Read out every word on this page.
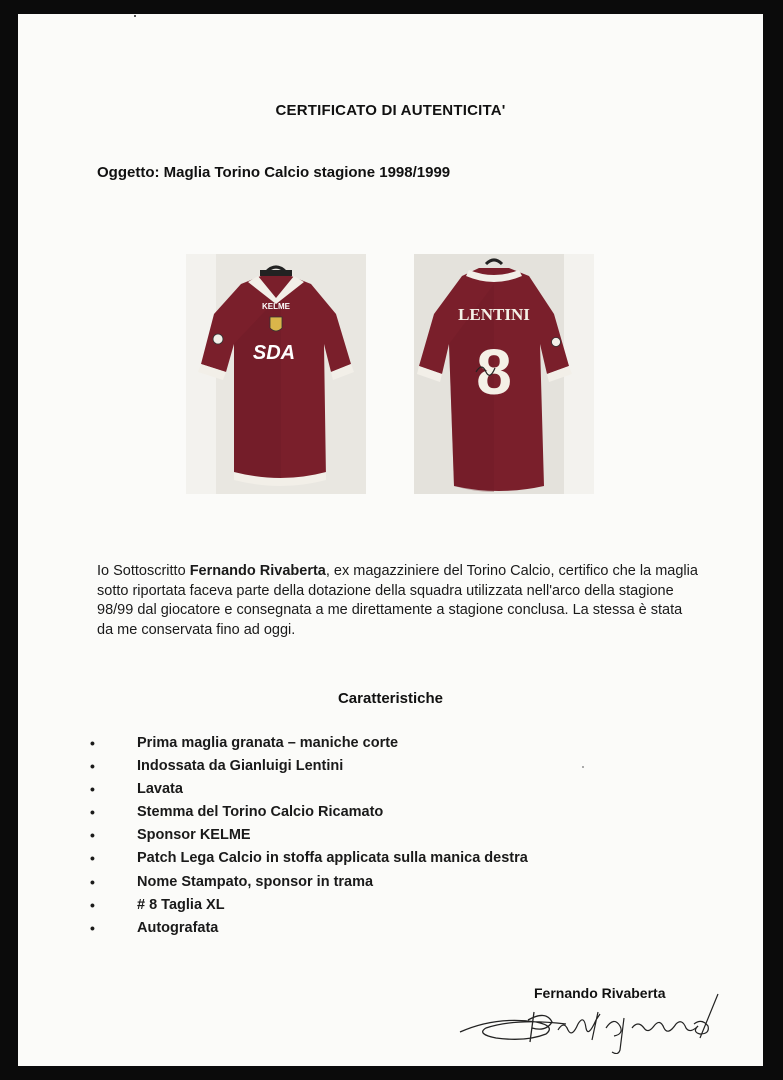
CERTIFICATO DI AUTENTICITA'
Oggetto: Maglia Torino Calcio stagione 1998/1999
KELME
SDA
LENTINI
8
Io Sottoscritto Fernando Rivaberta, ex magazziniere del Torino Calcio, certifico che la maglia sotto riportata faceva parte della dotazione della squadra utilizzata nell'arco della stagione 98/99 dal giocatore e consegnata a me direttamente a stagione conclusa. La stessa è stata da me conservata fino ad oggi.
Caratteristiche
•	Prima maglia granata – maniche corte
•	Indossata da Gianluigi Lentini
•	Lavata
•	Stemma del Torino Calcio Ricamato
•	Sponsor KELME
•	Patch Lega Calcio in stoffa applicata sulla manica destra
•	Nome Stampato, sponsor in trama
•	# 8 Taglia XL
•	Autografata
Fernando Rivaberta
